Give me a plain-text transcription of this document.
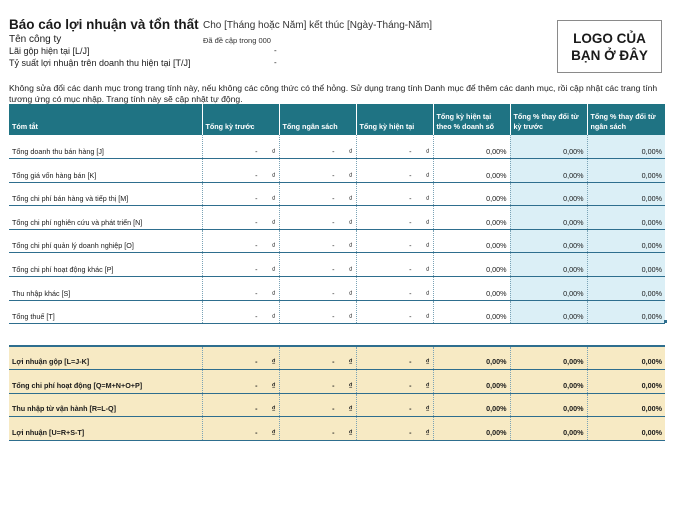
Báo cáo lợi nhuận và tổn thất Cho [Tháng hoặc Năm] kết thúc [Ngày-Tháng-Năm]
Tên công ty	Đã đề cập trong 000
Lãi gộp hiện tại [L/J]	-
Tỷ suất lợi nhuận trên doanh thu hiện tại [T/J]	-
LOGO CỦA BẠN Ở ĐÂY
Không sửa đổi các danh mục trong trang tính này, nếu không các công thức có thể hỏng. Sử dụng trang tính Danh mục để thêm các danh mục, rồi cập nhật các trang tính tương ứng có mục nhập. Trang tính này sẽ cập nhật tự động.
Tóm tắt	Tổng kỳ trước	Tổng ngân sách	Tổng kỳ hiện tại	Tổng kỳ hiện tại theo % doanh số	Tổng % thay đổi từ kỳ trước	Tổng % thay đổi từ ngân sách
Tổng doanh thu bán hàng [J]	- ₫	- ₫	- ₫	0,00%	0,00%	0,00%
Tổng giá vốn hàng bán [K]	- ₫	- ₫	- ₫	0,00%	0,00%	0,00%
Tổng chi phí bán hàng và tiếp thị [M]	- ₫	- ₫	- ₫	0,00%	0,00%	0,00%
Tổng chi phí nghiên cứu và phát triển [N]	- ₫	- ₫	- ₫	0,00%	0,00%	0,00%
Tổng chi phí quản lý doanh nghiệp [O]	- ₫	- ₫	- ₫	0,00%	0,00%	0,00%
Tổng chi phí hoạt động khác [P]	- ₫	- ₫	- ₫	0,00%	0,00%	0,00%
Thu nhập khác [S]	- ₫	- ₫	- ₫	0,00%	0,00%	0,00%
Tổng thuế [T]	- ₫	- ₫	- ₫	0,00%	0,00%	0,00%
Lợi nhuận gộp [L=J-K]	- ₫	- ₫	- ₫	0,00%	0,00%	0,00%
Tổng chi phí hoạt động [Q=M+N+O+P]	- ₫	- ₫	- ₫	0,00%	0,00%	0,00%
Thu nhập từ vận hành [R=L-Q]	- ₫	- ₫	- ₫	0,00%	0,00%	0,00%
Lợi nhuận [U=R+S-T]	- ₫	- ₫	- ₫	0,00%	0,00%	0,00%
